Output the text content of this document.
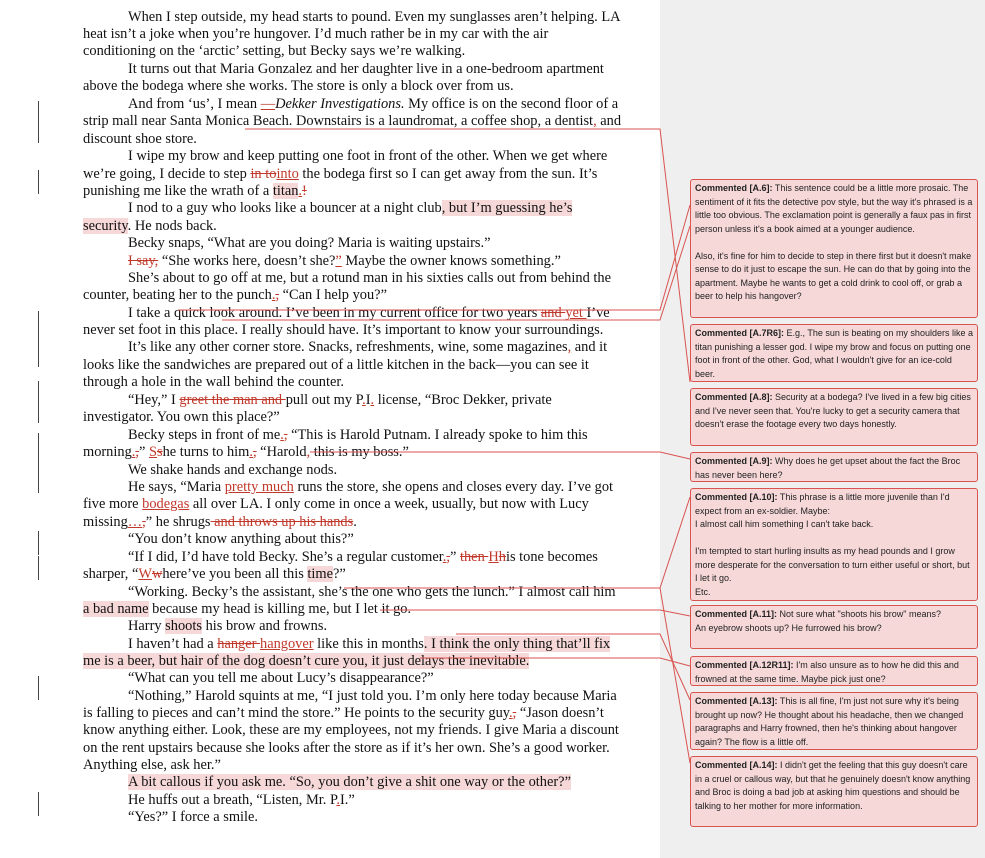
When I step outside, my head starts to pound. Even my sunglasses aren’t helping. LA
heat isn’t a joke when you’re hungover. I’d much rather be in my car with the air
conditioning on the ‘arctic’ setting, but Becky says we’re walking.
It turns out that Maria Gonzalez and her daughter live in a one-bedroom apartment
above the bodega where she works. The store is only a block over from us.
And from ‘us’, I mean —Dekker Investigations. My office is on the second floor of a
strip mall near Santa Monica Beach. Downstairs is a laundromat, a coffee shop, a dentist, and
discount shoe store.
I wipe my brow and keep putting one foot in front of the other. When we get where
we’re going, I decide to step in tointo the bodega first so I can get away from the sun. It’s
punishing me like the wrath of a titan.!
I nod to a guy who looks like a bouncer at a night club, but I’m guessing he’s
security. He nods back.
Becky snaps, “What are you doing? Maria is waiting upstairs.”
I say, “She works here, doesn’t she?” Maybe the owner knows something.”
She’s about to go off at me, but a rotund man in his sixties calls out from behind the
counter, beating her to the punch., “Can I help you?”
I take a quick look around. I’ve been in my current office for two years and yet I’ve
never set foot in this place. I really should have. It’s important to know your surroundings.
It’s like any other corner store. Snacks, refreshments, wine, some magazines, and it
looks like the sandwiches are prepared out of a little kitchen in the back—you can see it
through a hole in the wall behind the counter.
“Hey,” I greet the man and pull out my P.I. license, “Broc Dekker, private
investigator. You own this place?”
Becky steps in front of me., “This is Harold Putnam. I already spoke to him this
morning.,” Sshe turns to him., “Harold, this is my boss.”
We shake hands and exchange nods.
He says, “Maria pretty much runs the store, she opens and closes every day. I’ve got
five more bodegas all over LA. I only come in once a week, usually, but now with Lucy
missing…,” he shrugs and throws up his hands.
“You don’t know anything about this?”
“If I did, I’d have told Becky. She’s a regular customer.,” then Hhis tone becomes
sharper, “Wwhere’ve you been all this time?”
“Working. Becky’s the assistant, she’s the one who gets the lunch.” I almost call him
a bad name because my head is killing me, but I let it go.
Harry shoots his brow and frowns.
I haven’t had a hanger hangover like this in months. I think the only thing that’ll fix
me is a beer, but hair of the dog doesn’t cure you, it just delays the inevitable.
“What can you tell me about Lucy’s disappearance?”
“Nothing,” Harold squints at me, “I just told you. I’m only here today because Maria
is falling to pieces and can’t mind the store.” He points to the security guy., “Jason doesn’t
know anything either. Look, these are my employees, not my friends. I give Maria a discount
on the rent upstairs because she looks after the store as if it’s her own. She’s a good worker.
Anything else, ask her.”
A bit callous if you ask me. “So, you don’t give a shit one way or the other?”
He huffs out a breath, “Listen, Mr. P.I.”
“Yes?” I force a smile.

Commented [A.6]: This sentence could be a little more prosaic. The sentiment of it fits the detective pov style, but the way it's phrased is a little too obvious. The exclamation point is generally a faux pas in first person unless it's a book aimed at a younger audience.

Also, it's fine for him to decide to step in there first but it doesn't make sense to do it just to escape the sun. He can do that by going into the apartment. Maybe he wants to get a cold drink to cool off, or grab a beer to help his hangover?

Commented [A.7R6]: E.g., The sun is beating on my shoulders like a titan punishing a lesser god. I wipe my brow and focus on putting one foot in front of the other. God, what I wouldn't give for an ice-cold beer.

Commented [A.8]: Security at a bodega? I've lived in a few big cities and I've never seen that. You're lucky to get a security camera that doesn't erase the footage every two days honestly.

Commented [A.9]: Why does he get upset about the fact the Broc has never been here?

Commented [A.10]: This phrase is a little more juvenile than I'd expect from an ex-soldier. Maybe:

I almost call him something I can't take back.

I'm tempted to start hurling insults as my head pounds and I grow more desperate for the conversation to turn either useful or short, but I let it go.

Etc.

Commented [A.11]: Not sure what "shoots his brow" means?

An eyebrow shoots up? He furrowed his brow?

Commented [A.12R11]: I'm also unsure as to how he did this and frowned at the same time. Maybe pick just one?

Commented [A.13]: This is all fine, I'm just not sure why it's being brought up now? He thought about his headache, then we changed paragraphs and Harry frowned, then he's thinking about hangover again? The flow is a little off.

Commented [A.14]: I didn't get the feeling that this guy doesn't care in a cruel or callous way, but that he genuinely doesn't know anything and Broc is doing a bad job at asking him questions and should be talking to her mother for more information.
